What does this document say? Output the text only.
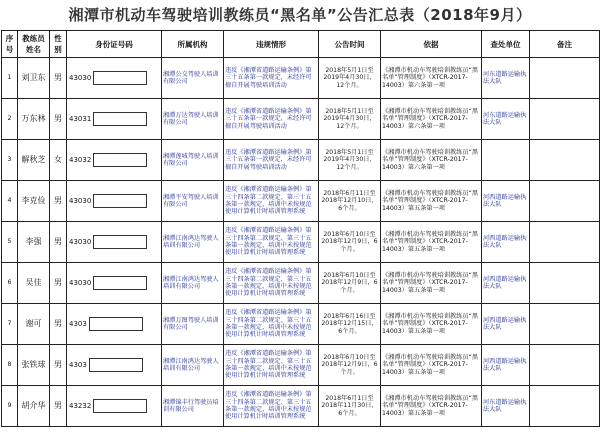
湘潭市机动车驾驶培训教练员“黑名单”公告汇总表（2018年9月）
序号	教练员姓名	性别	身份证号码	所属机构	违规情形	公告时间	依据	查处单位	备注
1	刘卫东	男	43030	湘潭公交驾驶人培训有限公司	违反《湘潭省道路运输条例》第三十五条第一款规定，未经许可擅自开展驾驶培训活动	2018年5月1日至2019年4月30日，12个月。	《湘潭市机动车驾驶培训教练员“黑名单”管理制度》（XTCR-2017-14003）第六条第一项	河东道路运输执法大队	
2	万东林	男	43031	湘潭万达驾驶人培训有限公司	违反《湘潭省道路运输条例》第三十五条第一款规定，未经许可擅自开展驾驶培训活动	2018年5月1日至2019年4月30日，12个月。	《湘潭市机动车驾驶培训教练员“黑名单”管理制度》（XTCR-2017-14003）第六条第一项	河东道路运输执法大队	
3	解秋芝	女	43032	湘潭莲城驾驶人培训有限公司	违反《湘潭省道路运输条例》第三十五条第一款规定，未经许可擅自开展驾驶培训活动	2018年5月1日至2019年4月30日，12个月。	《湘潭市机动车驾驶培训教练员“黑名单”管理制度》（XTCR-2017-14003）第六条第一项		
4	李克俭	男	43030	湘潭平安驾驶人培训有限公司	违反《湘潭省道路运输条例》第三十四条第二款规定、第三十五条第一款规定，培训中未按规范使用计算机计时培训管理系统	2018年6月11日至2018年12月10日，6个月。	《湘潭市机动车驾驶培训教练员“黑名单”管理制度》（XTCR-2017-14003）第五条第一项	河西道路运输执法大队	
5	李强	男	43030	湘潭江南鸿达驾驶人培训有限公司	违反《湘潭省道路运输条例》第三十四条第二款规定、第三十五条第一款规定，培训中未按规范使用计算机计时培训管理系统	2018年6月10日至2018年12月9日，6个月。	《湘潭市机动车驾驶培训教练员“黑名单”管理制度》（XTCR-2017-14003）第五条第一项	河西道路运输执法大队	
6	吴佳	男	43030	湘潭江南鸿达驾驶人培训有限公司	违反《湘潭省道路运输条例》第三十四条第二款规定、第三十五条第一款规定，培训中未按规范使用计算机计时培训管理系统	2018年6月10日至2018年12月9日，6个月。	《湘潭市机动车驾驶培训教练员“黑名单”管理制度》（XTCR-2017-14003）第五条第一项	河西道路运输执法大队	
7	谢可	男	4303	湘潭万图驾驶人培训有限公司	违反《湘潭省道路运输条例》第三十四条第二款规定、第三十五条第一款规定，培训中未按规范使用计算机计时培训管理系统	2018年6月16日至2018年12月15日，6个月。	《湘潭市机动车驾驶培训教练员“黑名单”管理制度》（XTCR-2017-14003）第五条第一项	河西道路运输执法大队	
8	张铁球	男	4303	湘潭江南鸿达驾驶人培训有限公司	违反《湘潭省道路运输条例》第三十四条第二款规定、第三十五条第一款规定，培训中未按规范使用计算机计时培训管理系统	2018年6月10日至2018年12月9日，6个月。	《湘潭市机动车驾驶培训教练员“黑名单”管理制度》（XTCR-2017-14003）第五条第一项	河西道路运输执法大队	
9	胡介华	男	43232	湘潭锦丰行驾驶员培训有限公司	违反《湘潭省道路运输条例》第三十四条第二款规定、第三十五条第一款规定，培训中未按规范使用计算机计时培训管理系统	2018年6月1日至2018年11月30日，6个月。	《湘潭市机动车驾驶培训教练员“黑名单”管理制度》（XTCR-2017-14003）第五条第一项	河东道路运输执法大队	
